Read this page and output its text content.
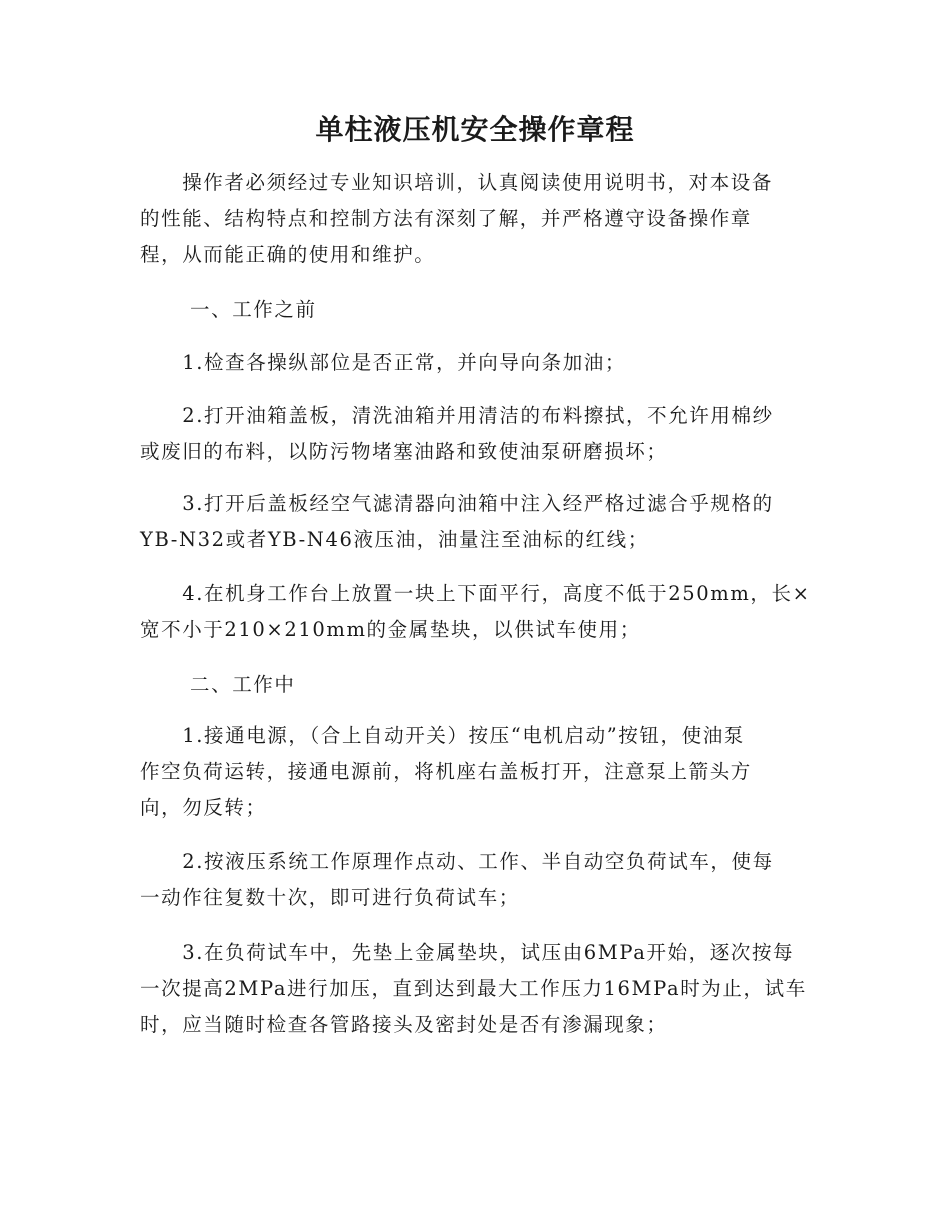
单柱液压机安全操作章程
　　操作者必须经过专业知识培训，认真阅读使用说明书，对本设备
的性能、结构特点和控制方法有深刻了解，并严格遵守设备操作章
程，从而能正确的使用和维护。
　　 一、工作之前
　　1.检查各操纵部位是否正常，并向导向条加油；
　　2.打开油箱盖板，清洗油箱并用清洁的布料擦拭，不允许用棉纱
或废旧的布料，以防污物堵塞油路和致使油泵研磨损坏；
　　3.打开后盖板经空气滤清器向油箱中注入经严格过滤合乎规格的
YB-N32或者YB-N46液压油，油量注至油标的红线；
　　4.在机身工作台上放置一块上下面平行，高度不低于250mm，长×
宽不小于210×210mm的金属垫块，以供试车使用；
　　 二、工作中
　　1.接通电源，（合上自动开关）按压“电机启动”按钮，使油泵
作空负荷运转，接通电源前，将机座右盖板打开，注意泵上箭头方
向，勿反转；
　　2.按液压系统工作原理作点动、工作、半自动空负荷试车，使每
一动作往复数十次，即可进行负荷试车；
　　3.在负荷试车中，先垫上金属垫块，试压由6MPa开始，逐次按每
一次提高2MPa进行加压，直到达到最大工作压力16MPa时为止，试车
时，应当随时检查各管路接头及密封处是否有渗漏现象；
